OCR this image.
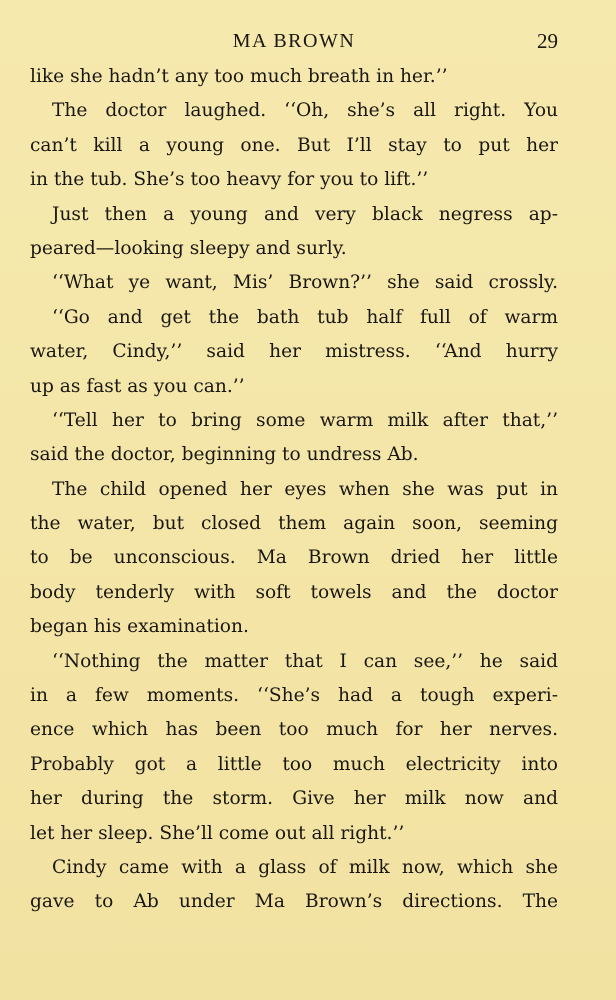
MA BROWN	29
like she hadn’t any too much breath in her.’’
The doctor laughed. ‘‘Oh, she’s all right. You
can’t kill a young one. But I’ll stay to put her
in the tub. She’s too heavy for you to lift.’’
Just then a young and very black negress ap-
peared—looking sleepy and surly.
‘‘What ye want, Mis’ Brown?’’ she said crossly.
‘‘Go and get the bath tub half full of warm
water, Cindy,’’ said her mistress. ‘‘And hurry
up as fast as you can.’’
‘‘Tell her to bring some warm milk after that,’’
said the doctor, beginning to undress Ab.
The child opened her eyes when she was put in
the water, but closed them again soon, seeming
to be unconscious. Ma Brown dried her little
body tenderly with soft towels and the doctor
began his examination.
‘‘Nothing the matter that I can see,’’ he said
in a few moments. ‘‘She’s had a tough experi-
ence which has been too much for her nerves.
Probably got a little too much electricity into
her during the storm. Give her milk now and
let her sleep. She’ll come out all right.’’
Cindy came with a glass of milk now, which she
gave to Ab under Ma Brown’s directions. The
